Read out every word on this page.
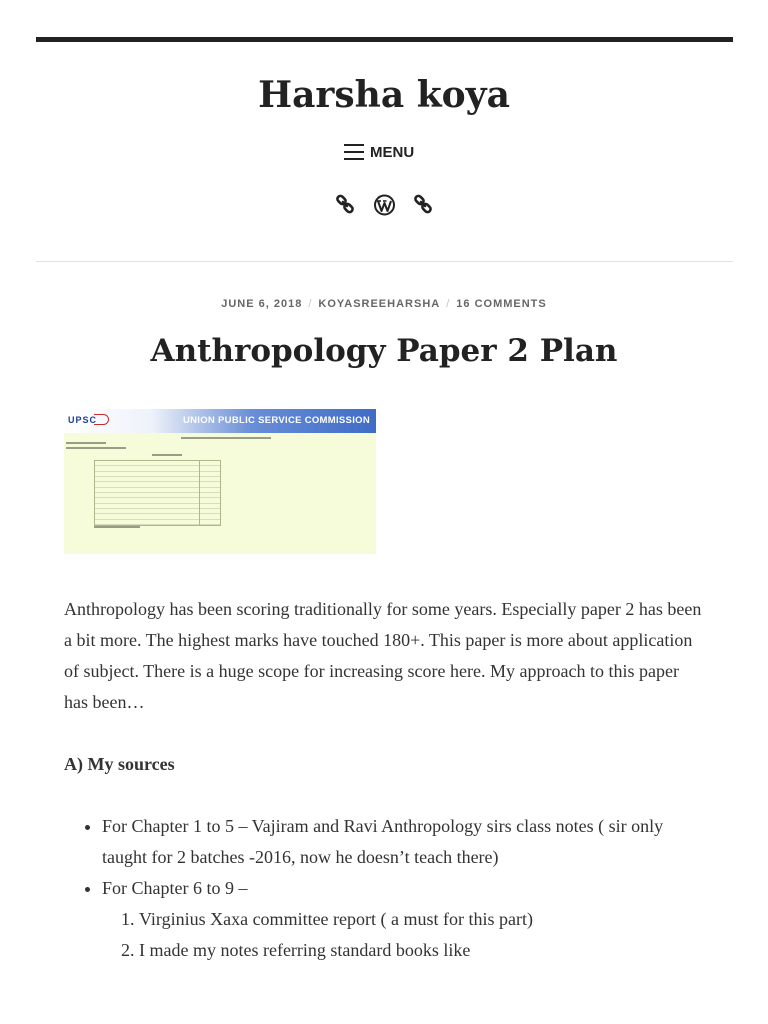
Harsha koya
MENU
JUNE 6, 2018 / KOYASREEHARSHA / 16 COMMENTS
Anthropology Paper 2 Plan
UPSC	UNION PUBLIC SERVICE COMMISSION

Anthropology has been scoring traditionally for some years. Especially paper 2 has been a bit more. The highest marks have touched 180+. This paper is more about application of subject. There is a huge scope for increasing score here. My approach to this paper has been…

A) My sources

• For Chapter 1 to 5 – Vajiram and Ravi Anthropology sirs class notes ( sir only taught for 2 batches -2016, now he doesn’t teach there)
• For Chapter 6 to 9 –
1. Virginius Xaxa committee report ( a must for this part)
2. I made my notes referring standard books like
